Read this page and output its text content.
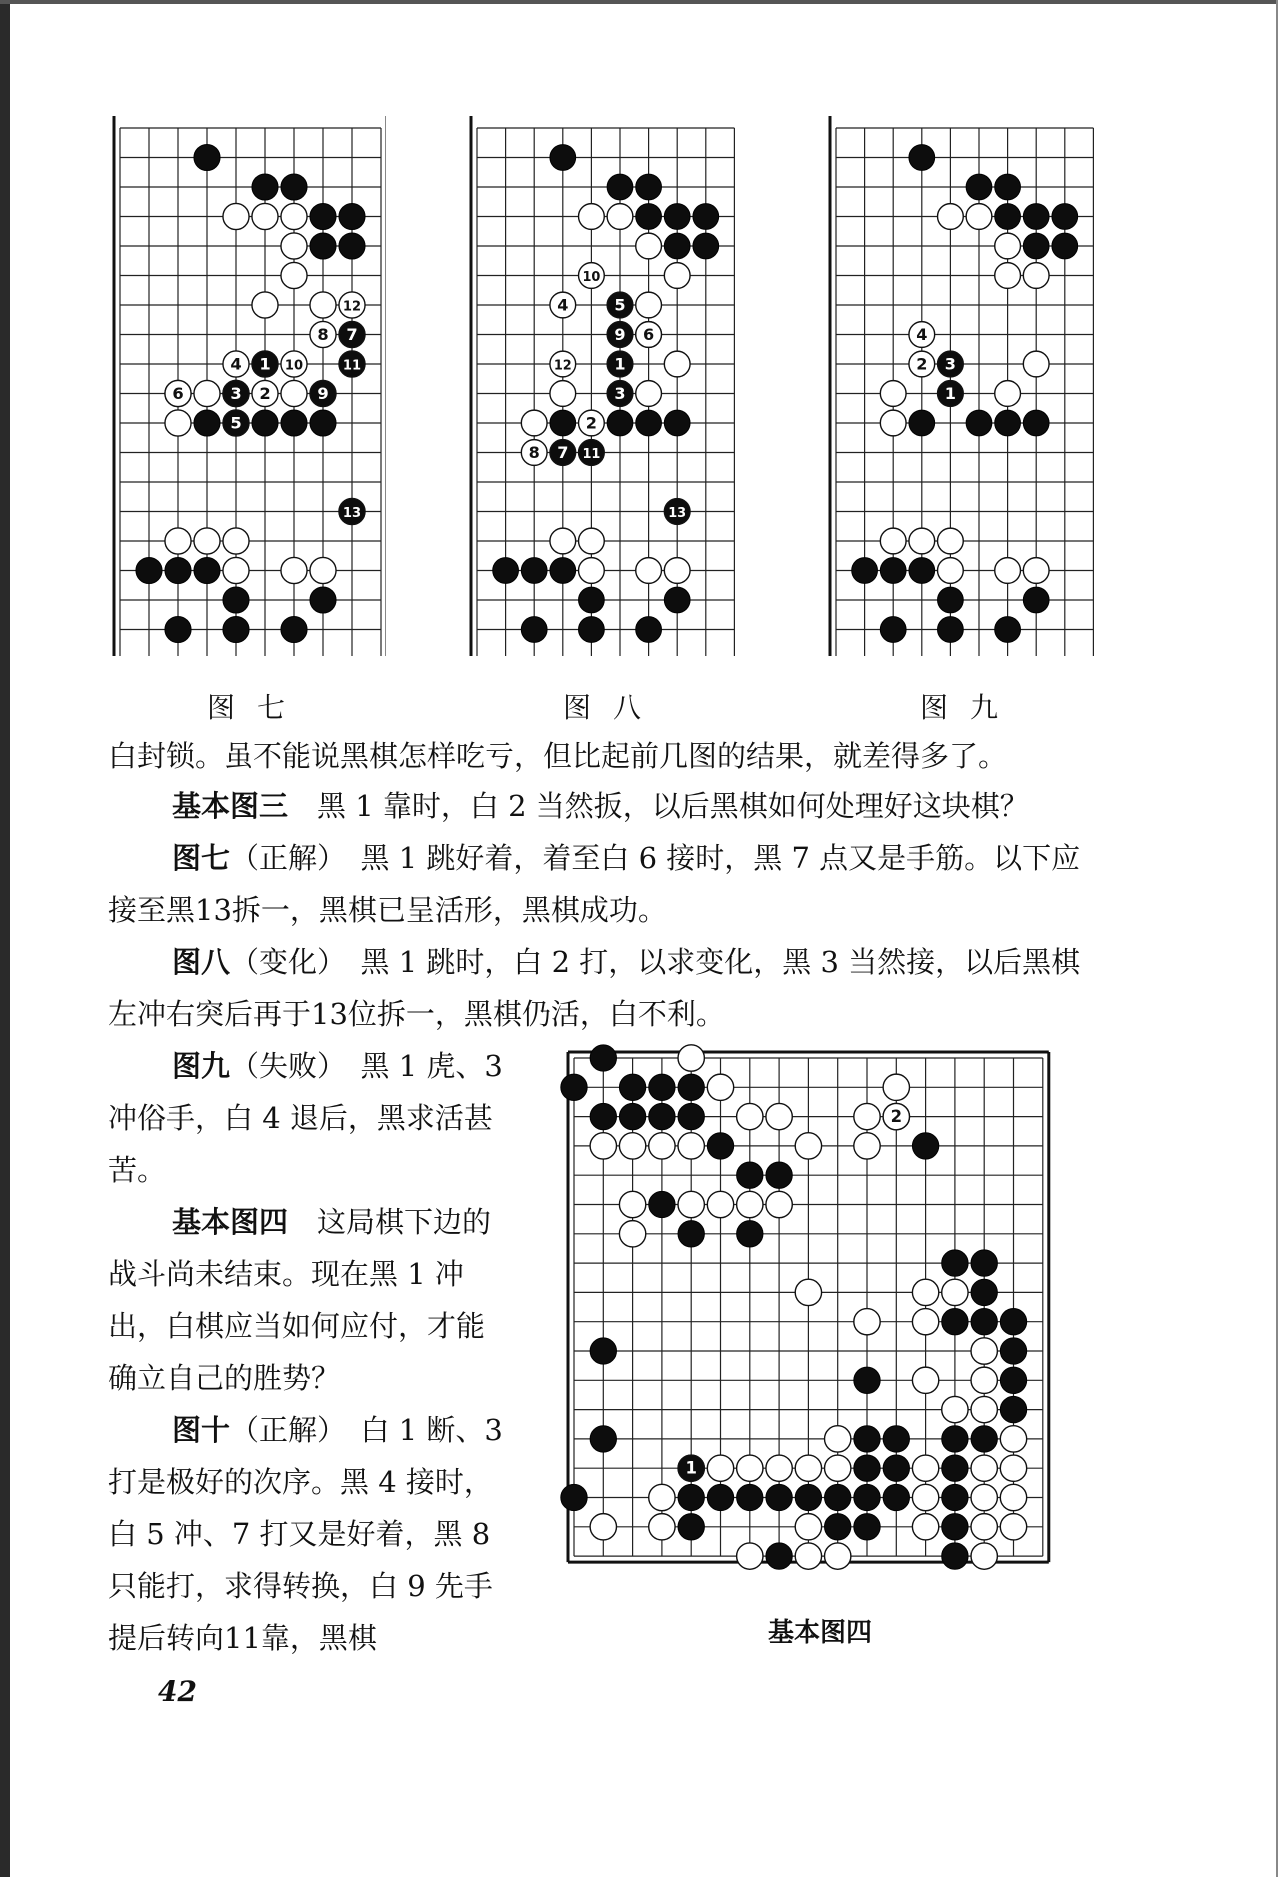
1
3
5
7
9
11
4
2
6
8
10
12
13
1
3
5
7
9
11
2
4
6
8
10
12
13
1
3
2
4
图七	图八	图九
白封锁。虽不能说黑棋怎样吃亏，但比起前几图的结果，就差得多了。
基本图三　黑 1 靠时，白 2 当然扳，以后黑棋如何处理好这块棋？
图七（正解）　黑 1 跳好着，着至白 6 接时，黑 7 点又是手筋。以下应接至黑13拆一，黑棋已呈活形，黑棋成功。
图八（变化）　黑 1 跳时，白 2 打，以求变化，黑 3 当然接，以后黑棋左冲右突后再于13位拆一，黑棋仍活，白不利。
图九（失败）　黑 1 虎、3 冲俗手，白 4 退后，黑求活甚苦。
基本图四　这局棋下边的战斗尚未结束。现在黑 1 冲出，白棋应当如何应付，才能确立自己的胜势？
图十（正解）　白 1 断、3 打是极好的次序。黑 4 接时，白 5 冲、7 打又是好着，黑 8 只能打，求得转换，白 9 先手提后转向11靠，黑棋
1
2
基本图四
42
